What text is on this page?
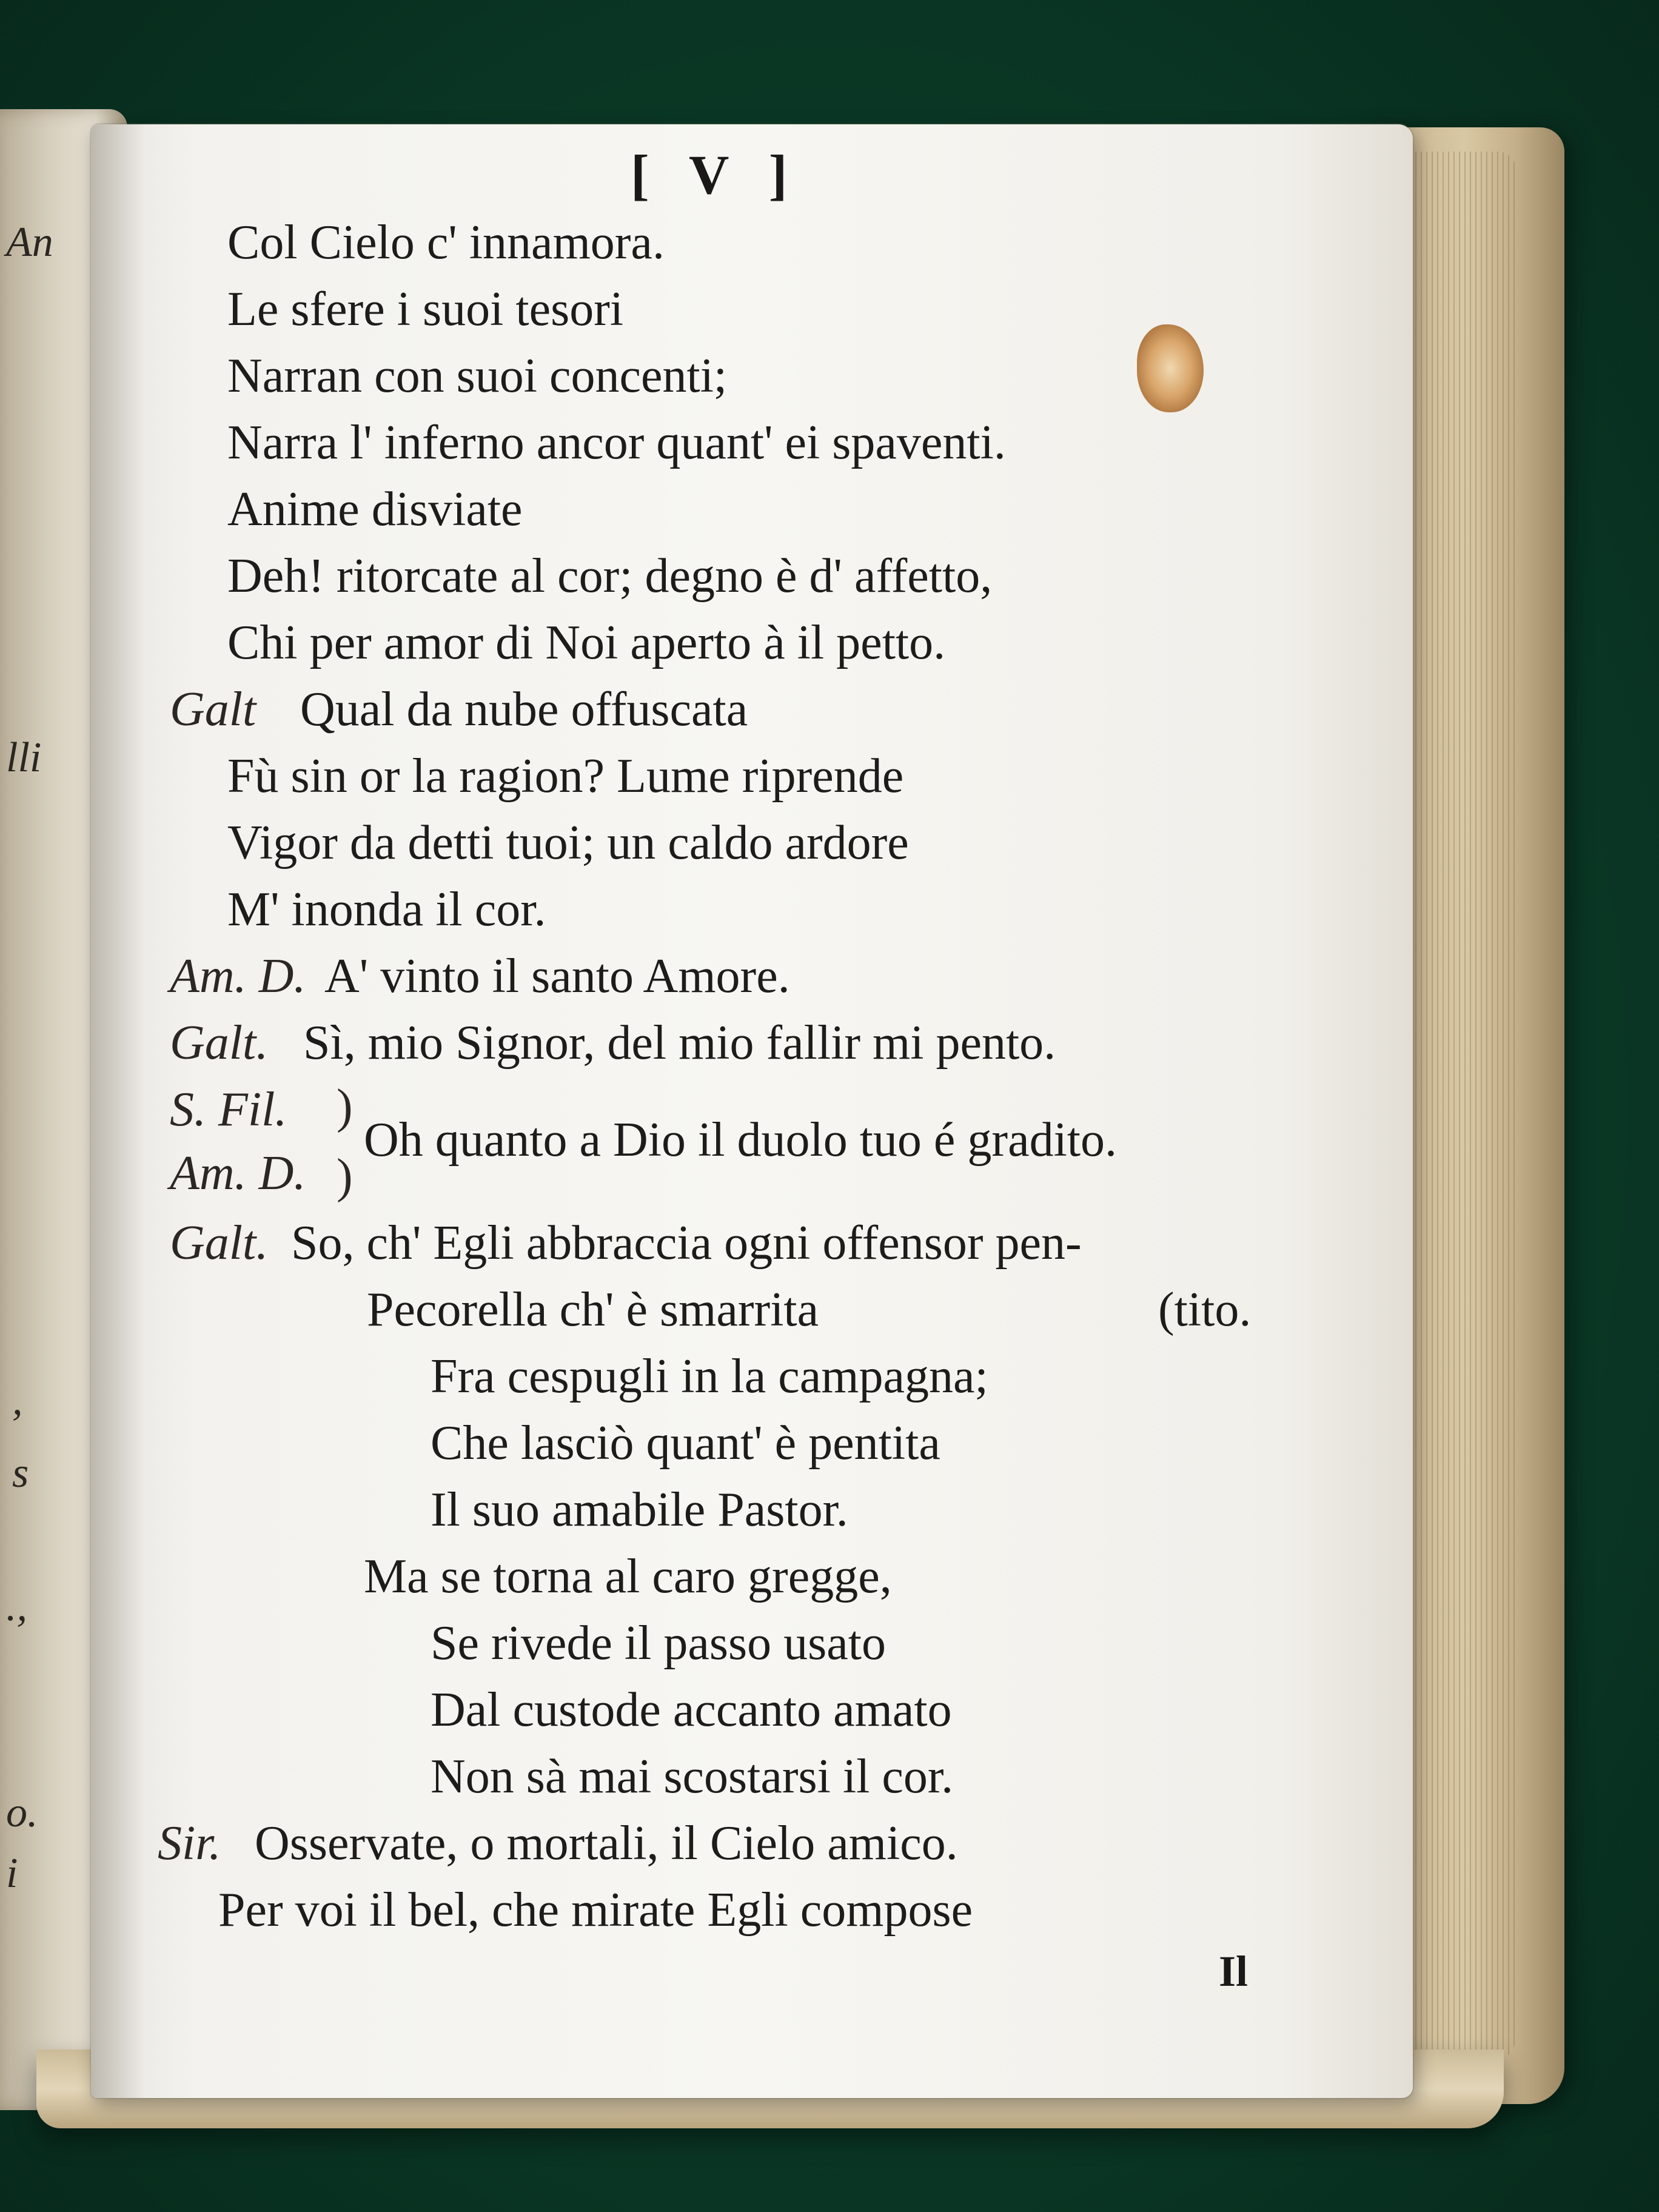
An
lli
,
s
.,
o.
i
[ V ]
Col Cielo c' innamora.
Le sfere i suoi tesori
Narran con suoi concenti;
Narra l' inferno ancor quant' ei spaventi.
Anime disviate
Deh! ritorcate al cor; degno è d' affetto,
Chi per amor di Noi aperto à il petto.
Galt Qual da nube offuscata
Fù sin or la ragion? Lume riprende
Vigor da detti tuoi; un caldo ardore
M' inonda il cor.
Am. D. A' vinto il santo Amore.
Galt. Sì, mio Signor, del mio fallir mi pento.
S. Fil. )
Oh quanto a Dio il duolo tuo é gradito.
Am. D. )
Galt. So, ch' Egli abbraccia ogni offensor pen-
Pecorella ch' è smarrita	(tito.
Fra cespugli in la campagna;
Che lasciò quant' è pentita
Il suo amabile Pastor.
Ma se torna al caro gregge,
Se rivede il passo usato
Dal custode accanto amato
Non sà mai scostarsi il cor.
Sir. Osservate, o mortali, il Cielo amico.
Per voi il bel, che mirate Egli compose
Il
